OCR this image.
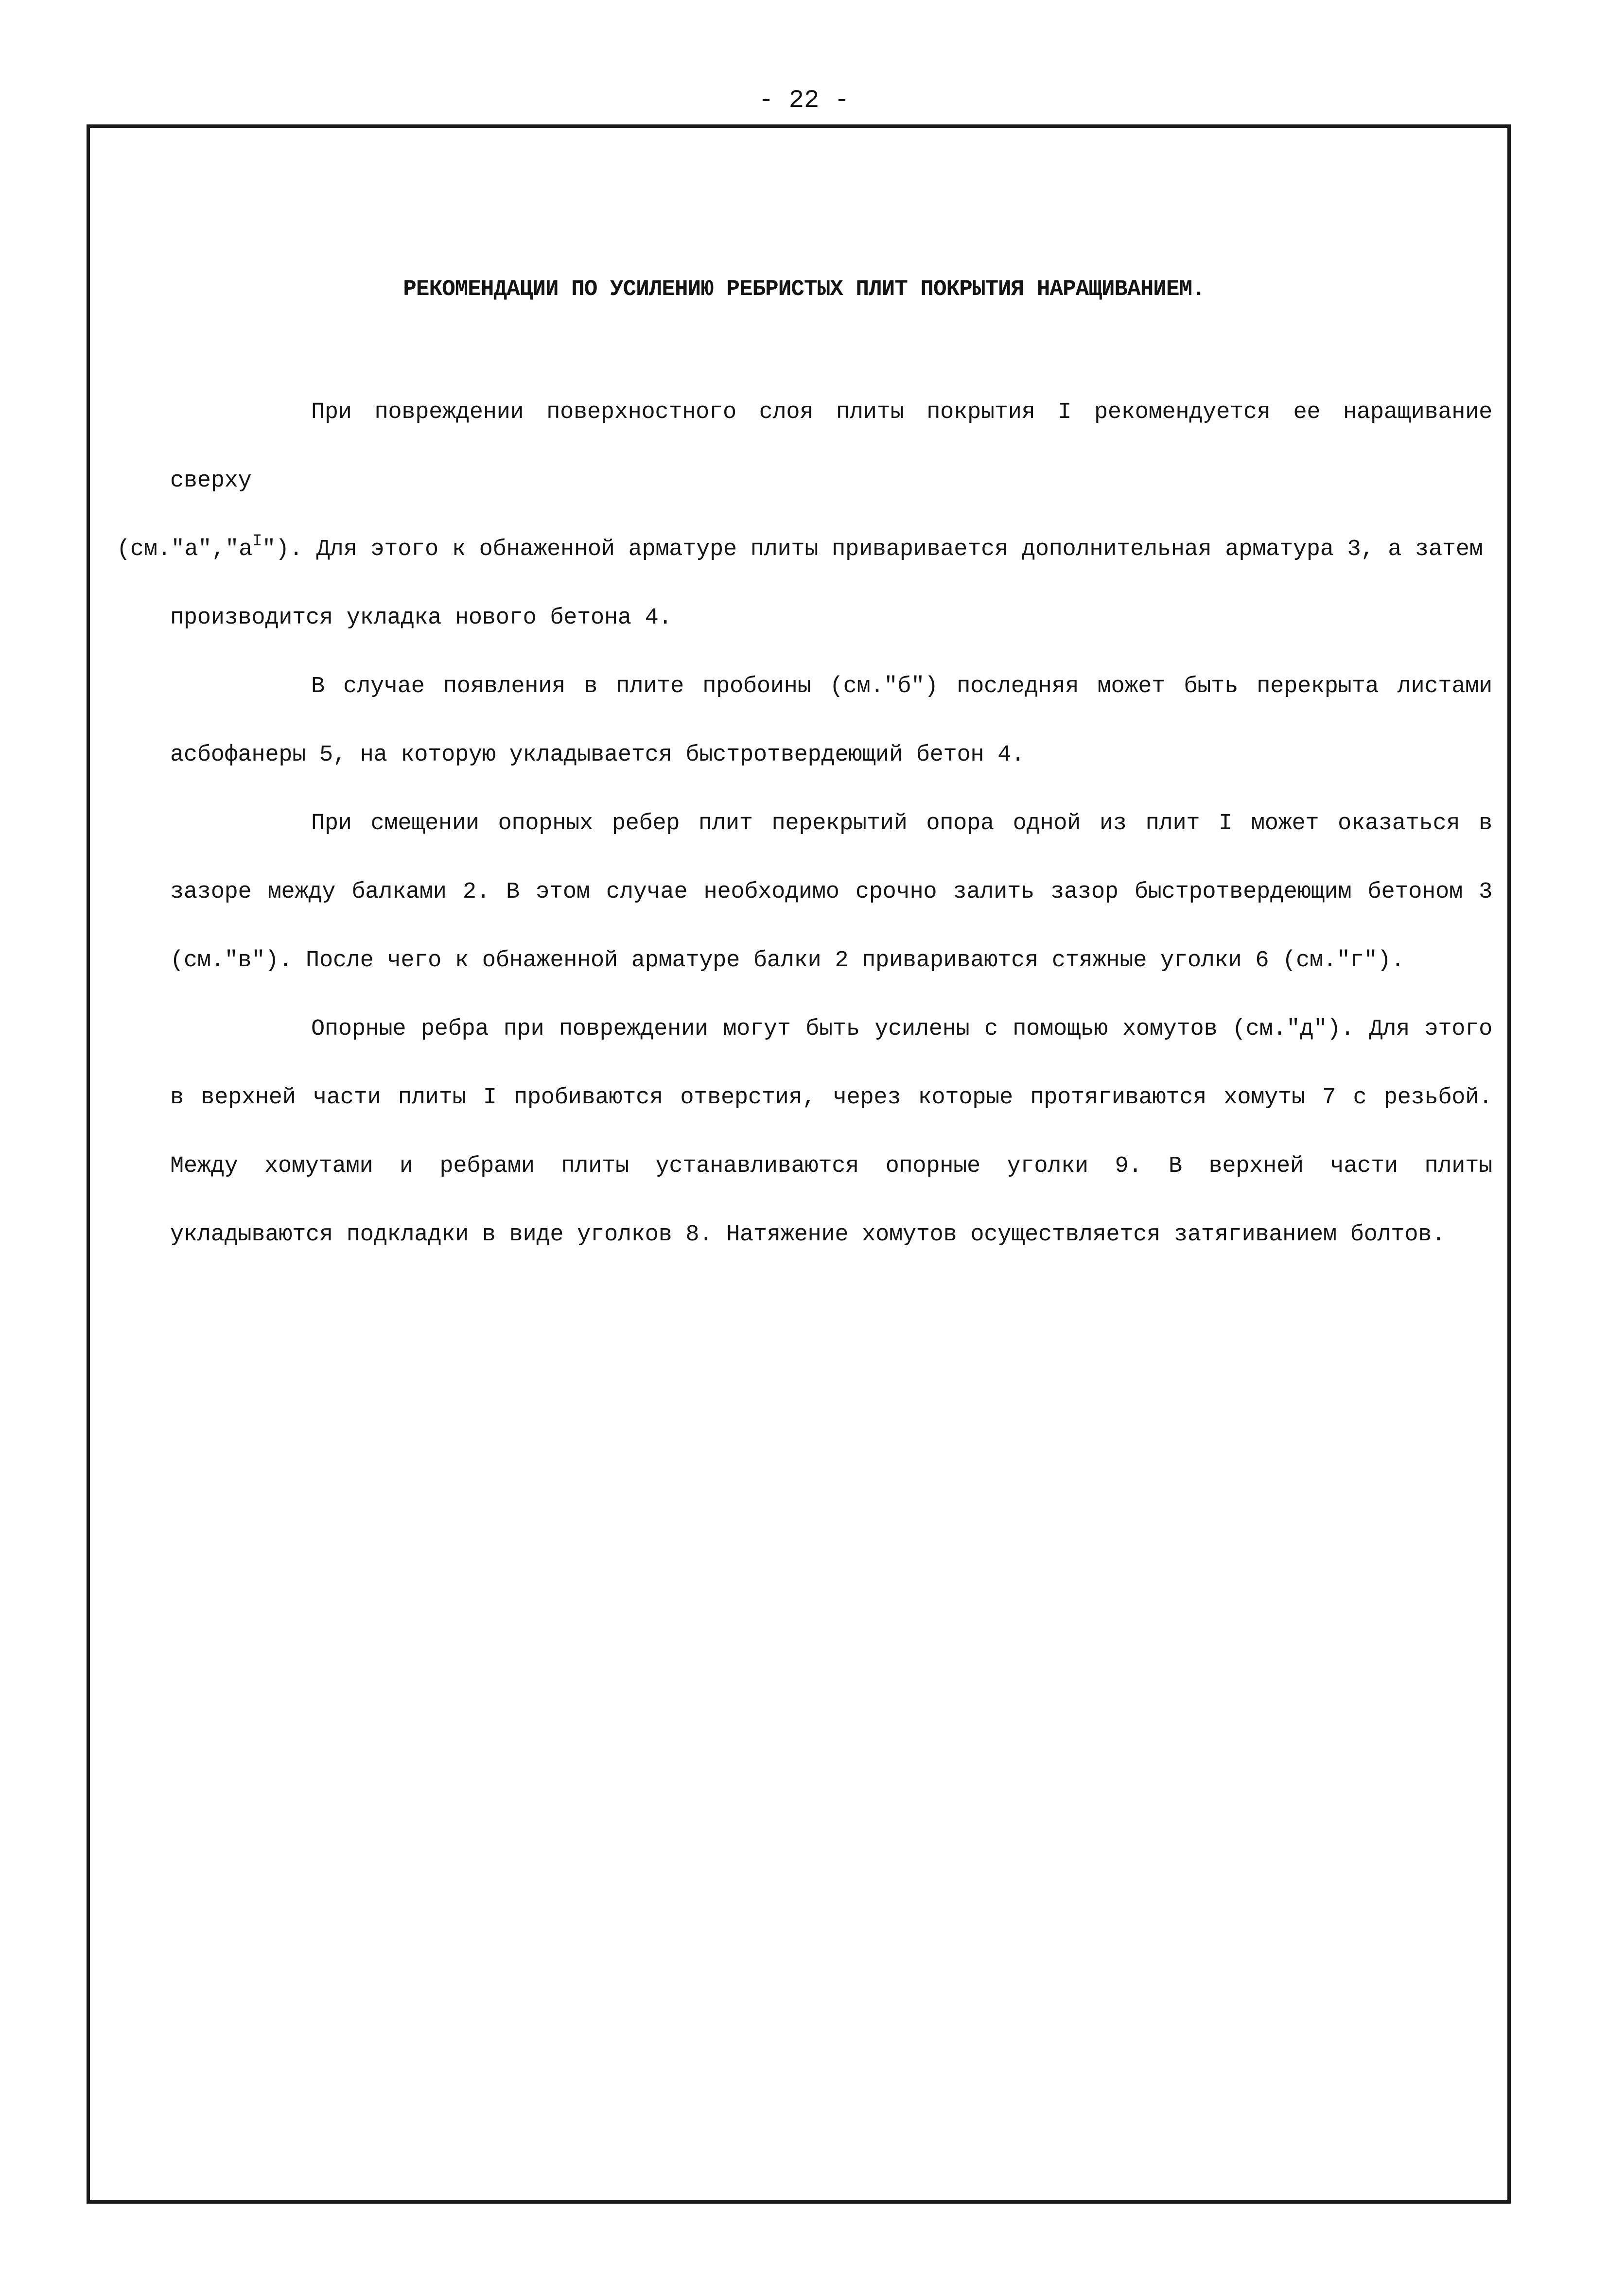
- 22 -
РЕКОМЕНДАЦИИ ПО УСИЛЕНИЮ РЕБРИСТЫХ ПЛИТ ПОКРЫТИЯ НАРАЩИВАНИЕМ.

При повреждении поверхностного слоя плиты покрытия I рекомендуется ее наращивание сверху
$(см."а","а^I")$. Для этого к обнаженной арматуре плиты приваривается дополнительная арматура 3, а затем
производится укладка нового бетона 4.

В случае появления в плите пробоины (см."б") последняя может быть перекрыта листами асбофанеры 5, на которую укладывается быстротвердеющий бетон 4.

При смещении опорных ребер плит перекрытий опора одной из плит I может оказаться в зазоре между балками 2. В этом случае необходимо срочно залить зазор быстротвердеющим бетоном 3 (см."в"). После чего к обнаженной арматуре балки 2 привариваются стяжные уголки 6 (см."г").

Опорные ребра при повреждении могут быть усилены с помощью хомутов (см."д"). Для этого в верхней части плиты I пробиваются отверстия, через которые протягиваются хомуты 7 с резьбой. Между хомутами и ребрами плиты устанавливаются опорные уголки 9. В верхней части плиты укладываются подкладки в виде уголков 8. Натяжение хомутов осуществляется затягиванием болтов.
